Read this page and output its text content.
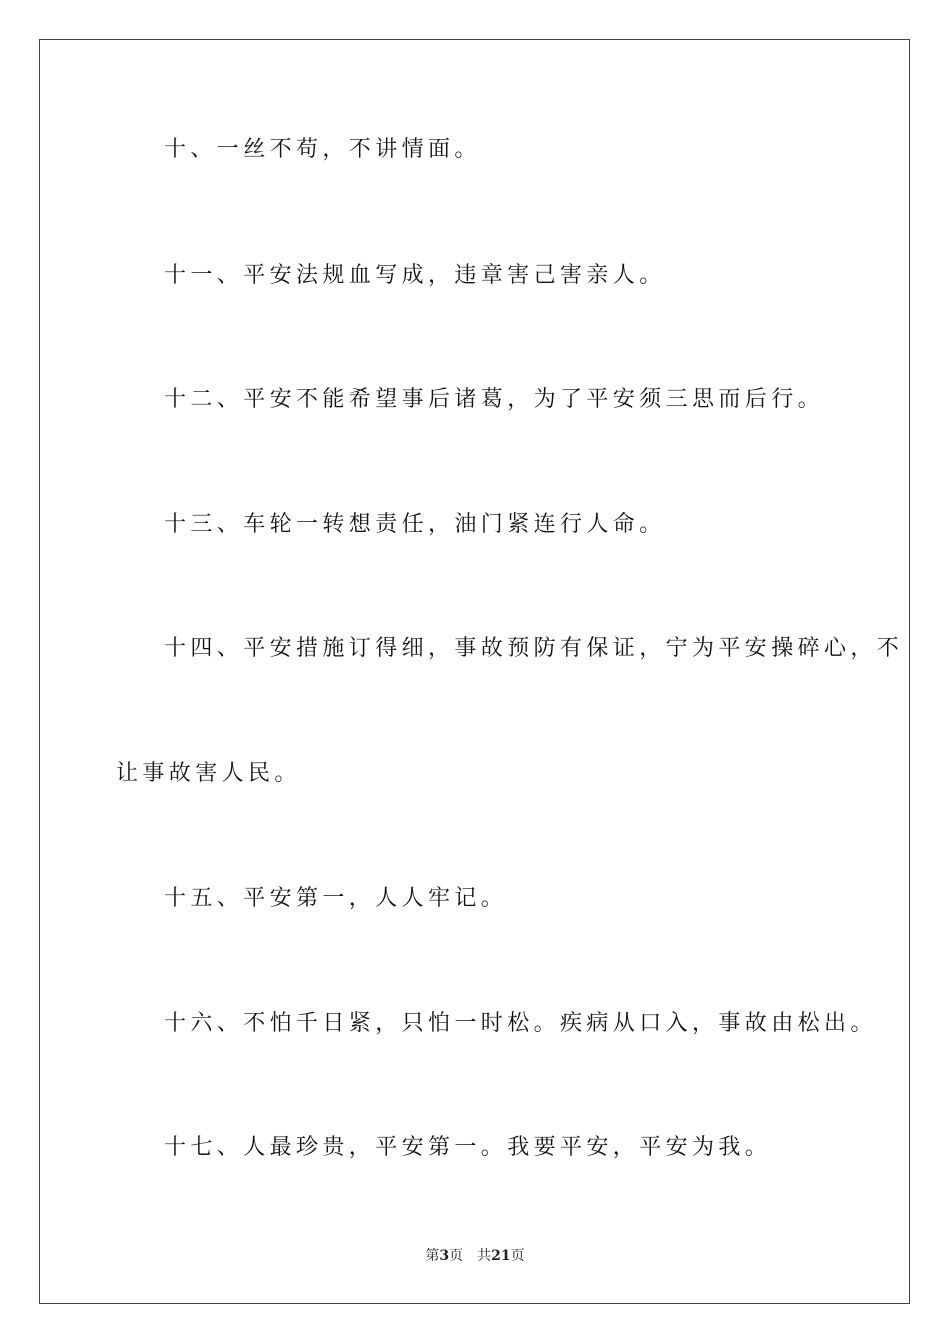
十、一丝不苟，不讲情面。
十一、平安法规血写成，违章害己害亲人。
十二、平安不能希望事后诸葛，为了平安须三思而后行。
十三、车轮一转想责任，油门紧连行人命。
十四、平安措施订得细，事故预防有保证，宁为平安操碎心，不
让事故害人民。
十五、平安第一，人人牢记。
十六、不怕千日紧，只怕一时松。疾病从口入，事故由松出。
十七、人最珍贵，平安第一。我要平安，平安为我。
第3页 共21页
